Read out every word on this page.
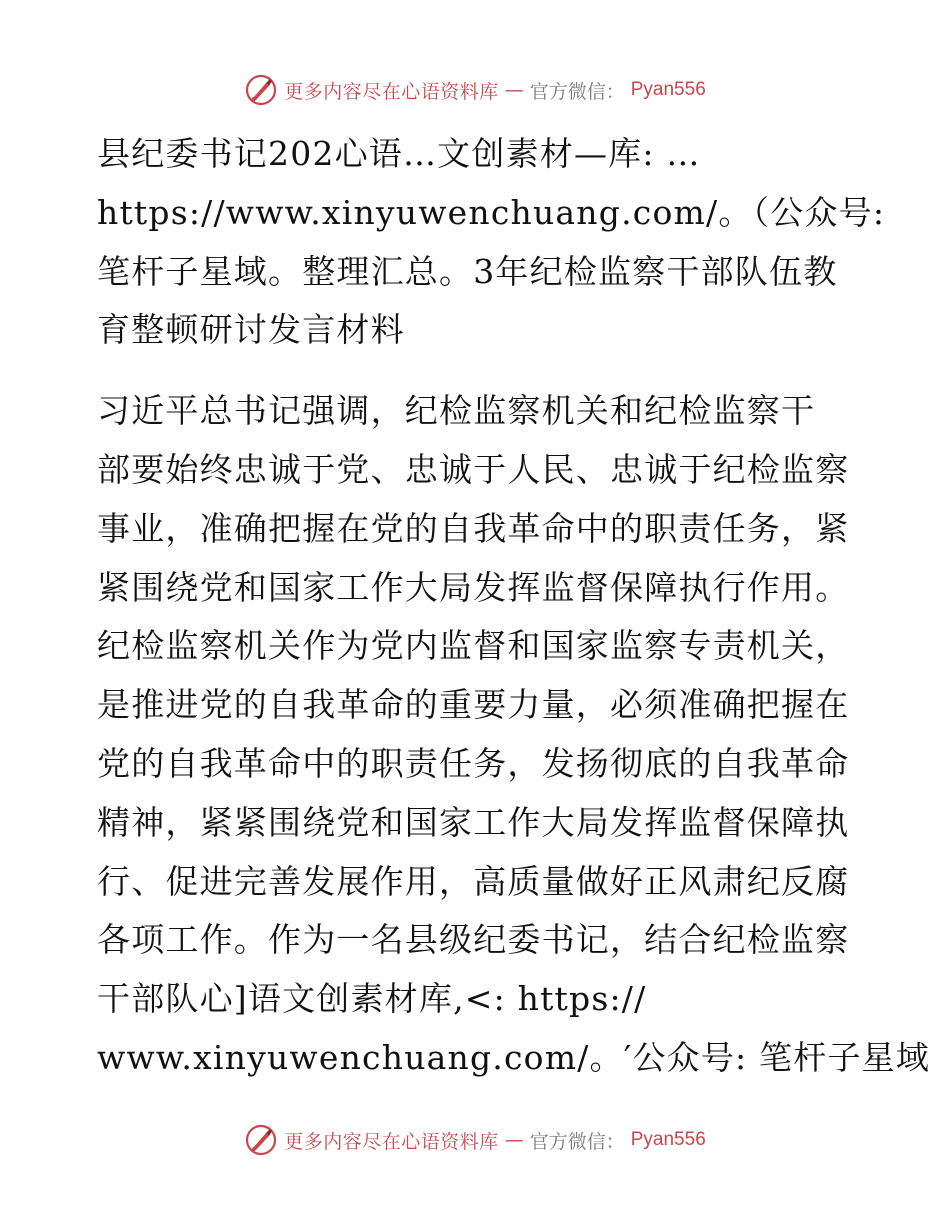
更多内容尽在心语资料库 — 官方微信： Pyan556

县纪委书记202心语…文创素材—库: …
https://www.xinyuwenchuang.com/。（公众号:
笔杆子星域。整理汇总。3年纪检监察干部队伍教
育整顿研讨发言材料

习近平总书记强调，纪检监察机关和纪检监察干
部要始终忠诚于党、忠诚于人民、忠诚于纪检监察
事业，准确把握在党的自我革命中的职责任务，紧
紧围绕党和国家工作大局发挥监督保障执行作用。
纪检监察机关作为党内监督和国家监察专责机关，
是推进党的自我革命的重要力量，必须准确把握在
党的自我革命中的职责任务，发扬彻底的自我革命
精神，紧紧围绕党和国家工作大局发挥监督保障执
行、促进完善发展作用，高质量做好正风肃纪反腐
各项工作。作为一名县级纪委书记，结合纪检监察
干部队心]语文创素材库,<: https://
www.xinyuwenchuang.com/。′公众号: 笔杆子星域

更多内容尽在心语资料库 — 官方微信： Pyan556
